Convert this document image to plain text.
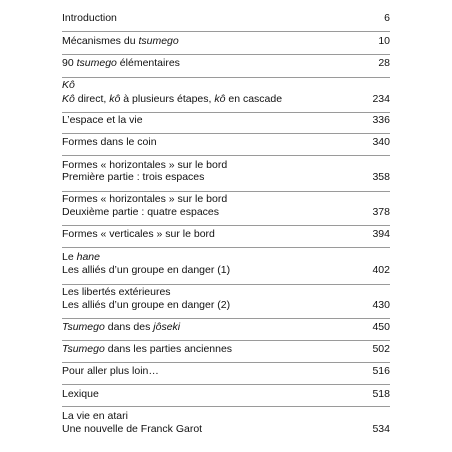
Introduction	6
Mécanismes du tsumego	10
90 tsumego élémentaires	28
Kô
Kô direct, kô à plusieurs étapes, kô en cascade	234
L’espace et la vie	336
Formes dans le coin	340
Formes « horizontales » sur le bord
Première partie : trois espaces	358
Formes « horizontales » sur le bord
Deuxième partie : quatre espaces	378
Formes « verticales » sur le bord	394
Le hane
Les alliés d’un groupe en danger (1)	402
Les libertés extérieures
Les alliés d’un groupe en danger (2)	430
Tsumego dans des jôseki	450
Tsumego dans les parties anciennes	502
Pour aller plus loin…	516
Lexique	518
La vie en atari
Une nouvelle de Franck Garot	534
